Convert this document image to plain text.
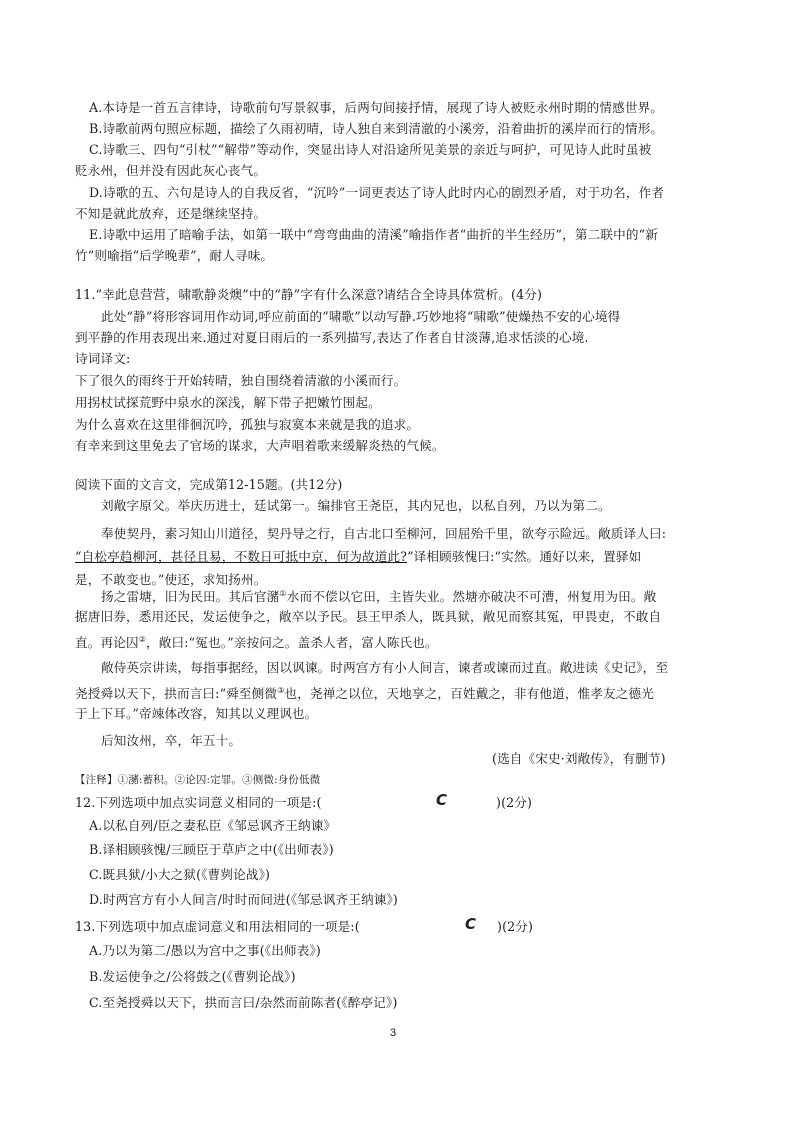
A.本诗是一首五言律诗，诗歌前句写景叙事，后两句间接抒情，展现了诗人被贬永州时期的情感世界。
B.诗歌前两句照应标题，描绘了久雨初晴，诗人独自来到清澈的小溪旁，沿着曲折的溪岸而行的情形。
C.诗歌三、四句“引杖”“解带”等动作，突显出诗人对沿途所见美景的亲近与呵护，可见诗人此时虽被
贬永州，但并没有因此灰心丧气。
D.诗歌的五、六句是诗人的自我反省，“沉吟”一词更表达了诗人此时内心的剧烈矛盾，对于功名，作者
不知是就此放弃，还是继续坚持。
E.诗歌中运用了暗喻手法，如第一联中“弯弯曲曲的清溪”喻指作者“曲折的半生经历”，第二联中的“新
竹”则喻指“后学晚辈”，耐人寻味。
11.“幸此息营营，啸歌静炎燠”中的“静”字有什么深意?请结合全诗具体赏析。(4分)
此处“静”将形容词用作动词,呼应前面的“啸歌”以动写静.巧妙地将“啸歌”使燥热不安的心境得
到平静的作用表现出来.通过对夏日雨后的一系列描写,表达了作者自甘淡薄,追求恬淡的心境.
诗词译文:
下了很久的雨终于开始转晴，独自围绕着清澈的小溪而行。
用拐杖试探荒野中泉水的深浅，解下带子把嫩竹围起。
为什么喜欢在这里徘徊沉吟，孤独与寂寞本来就是我的追求。
有幸来到这里免去了官场的谋求，大声唱着歌来缓解炎热的气候。
阅读下面的文言文，完成第12-15题。(共12分)
刘敞字原父。举庆历进士，廷试第一。编排官王尧臣，其内兄也，以私自列，乃以为第二。
奉使契丹，素习知山川道径，契丹导之行，自古北口至柳河，回屈殆千里，欲夸示险远。敞质译人曰:
“自松亭趋柳河，甚径且易，不数日可抵中京，何为故道此?”译相顾骇愧曰:“实然。通好以来，置驿如
是，不敢变也。”使还，求知扬州。
扬之雷塘，旧为民田。其后官瀦①水而不偿以它田，主皆失业。然塘亦破决不可漕，州复用为田。敞
据唐旧券，悉用还民，发运使争之，敞卒以予民。县王甲杀人，既具狱，敞见而察其冤，甲畏吏，不敢自
直。再论囚②，敞曰:“冤也。”亲按问之。盖杀人者，富人陈氏也。
敞侍英宗讲读，每指事据经，因以讽谏。时两宫方有小人间言，谏者或谏而过直。敞进读《史记》，至
尧授舜以天下，拱而言曰:“舜至侧微③也，尧禅之以位，天地享之，百姓戴之，非有他道，惟孝友之德光
于上下耳。”帝竦体改容，知其以义理讽也。
后知汝州，卒，年五十。
(选自《宋史·刘敞传》，有删节)
【注释】①瀦:蓄积。②论囚:定罪。③侧微:身份低微
12.下列选项中加点实词意义相同的一项是:(	C	)(2分)
A.以私自列/臣之妻私臣《邹忌讽齐王纳谏》
B.译相顾骇愧/三顾臣于草庐之中(《出师表》)
C.既具狱/小大之狱(《曹刿论战》)
D.时两宫方有小人间言/时时而间进(《邹忌讽齐王纳谏》)
13.下列选项中加点虚词意义和用法相同的一项是:(	C )(2分)
A.乃以为第二/愚以为宫中之事(《出师表》)
B.发运使争之/公将鼓之(《曹刿论战》)
C.至尧授舜以天下，拱而言曰/杂然而前陈者(《醉亭记》)
3
